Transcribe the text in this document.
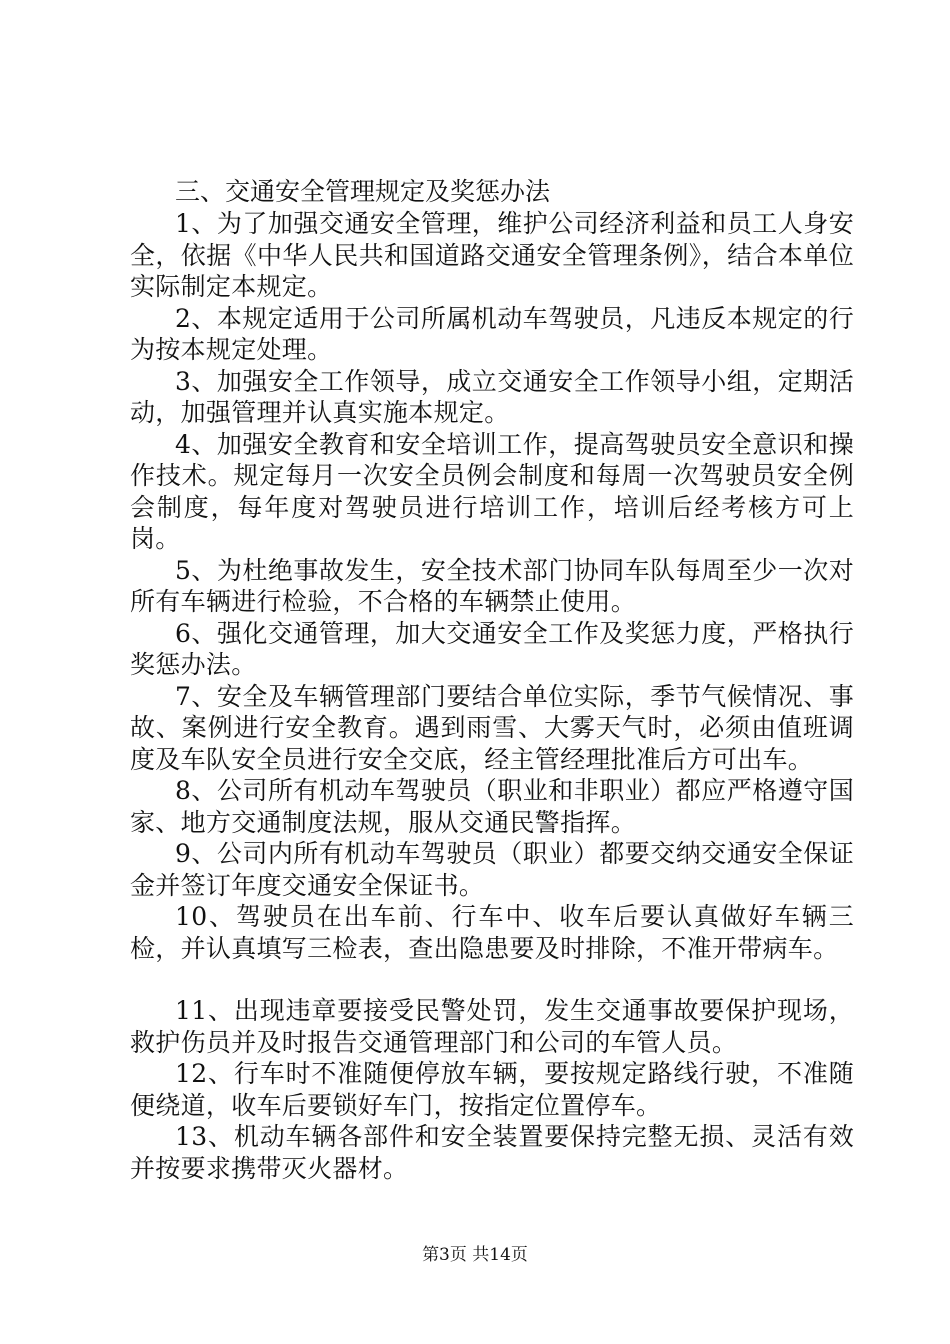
三、交通安全管理规定及奖惩办法

1、为了加强交通安全管理，维护公司经济利益和员工人身安全，依据《中华人民共和国道路交通安全管理条例》，结合本单位实际制定本规定。

2、本规定适用于公司所属机动车驾驶员，凡违反本规定的行为按本规定处理。

3、加强安全工作领导，成立交通安全工作领导小组，定期活动，加强管理并认真实施本规定。

4、加强安全教育和安全培训工作，提高驾驶员安全意识和操作技术。规定每月一次安全员例会制度和每周一次驾驶员安全例会制度，每年度对驾驶员进行培训工作，培训后经考核方可上岗。

5、为杜绝事故发生，安全技术部门协同车队每周至少一次对所有车辆进行检验，不合格的车辆禁止使用。

6、强化交通管理，加大交通安全工作及奖惩力度，严格执行奖惩办法。

7、安全及车辆管理部门要结合单位实际，季节气候情况、事故、案例进行安全教育。遇到雨雪、大雾天气时，必须由值班调度及车队安全员进行安全交底，经主管经理批准后方可出车。

8、公司所有机动车驾驶员（职业和非职业）都应严格遵守国家、地方交通制度法规，服从交通民警指挥。

9、公司内所有机动车驾驶员（职业）都要交纳交通安全保证金并签订年度交通安全保证书。

10、驾驶员在出车前、行车中、收车后要认真做好车辆三检，并认真填写三检表，查出隐患要及时排除，不准开带病车。

11、出现违章要接受民警处罚，发生交通事故要保护现场，救护伤员并及时报告交通管理部门和公司的车管人员。

12、行车时不准随便停放车辆，要按规定路线行驶，不准随便绕道，收车后要锁好车门，按指定位置停车。

13、机动车辆各部件和安全装置要保持完整无损、灵活有效并按要求携带灭火器材。

第3页 共14页
